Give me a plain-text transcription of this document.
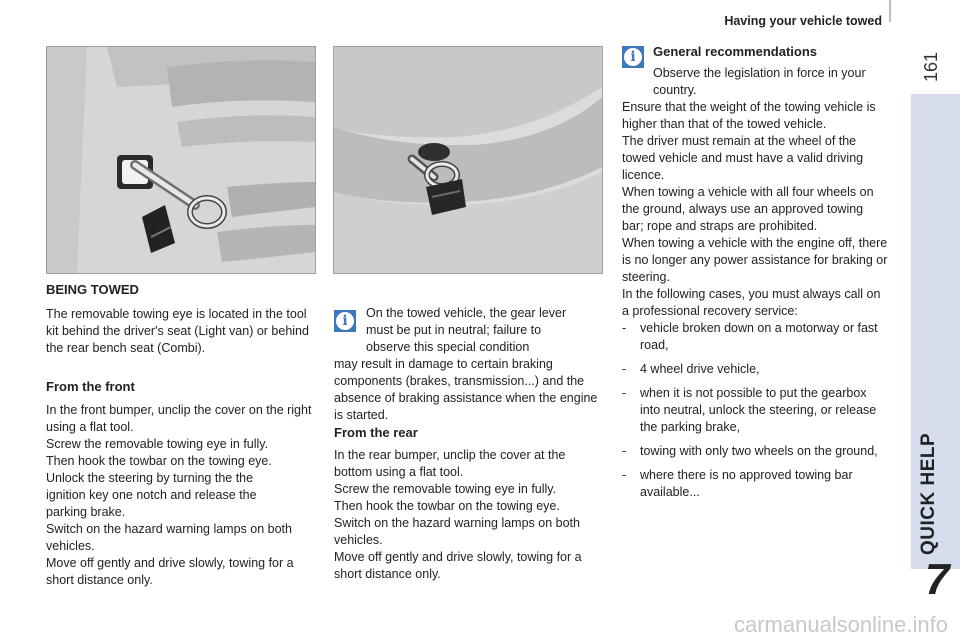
Having your vehicle towed
161
QUICK HELP
7
BEING TOWED
The removable towing eye is located in the tool kit behind the driver's seat (Light van) or behind the rear bench seat (Combi).
From the front

In the front bumper, unclip the cover on the right using a flat tool.

Screw the removable towing eye in fully.

Then hook the towbar on the towing eye.

Unlock the steering by turning the the ignition key one notch and release the parking brake.

Switch on the hazard warning lamps on both vehicles.

Move off gently and drive slowly, towing for a short distance only.

i	On the towed vehicle, the gear lever must be put in neutral; failure to observe this special condition
may result in damage to certain braking components (brakes, transmission...) and the absence of braking assistance when the engine is started.
From the rear

In the rear bumper, unclip the cover at the bottom using a flat tool.

Screw the removable towing eye in fully.

Then hook the towbar on the towing eye.

Switch on the hazard warning lamps on both vehicles.

Move off gently and drive slowly, towing for a short distance only.

i	General recommendations
Observe the legislation in force in your country.

Ensure that the weight of the towing vehicle is higher than that of the towed vehicle.

The driver must remain at the wheel of the towed vehicle and must have a valid driving licence.

When towing a vehicle with all four wheels on the ground, always use an approved towing bar; rope and straps are prohibited.

When towing a vehicle with the engine off, there is no longer any power assistance for braking or steering.

In the following cases, you must always call on a professional recovery service:

- vehicle broken down on a motorway or fast road,
- 4 wheel drive vehicle,
- when it is not possible to put the gearbox into neutral, unlock the steering, or release the parking brake,
- towing with only two wheels on the ground,
- where there is no approved towing bar available...
carmanualsonline.info
